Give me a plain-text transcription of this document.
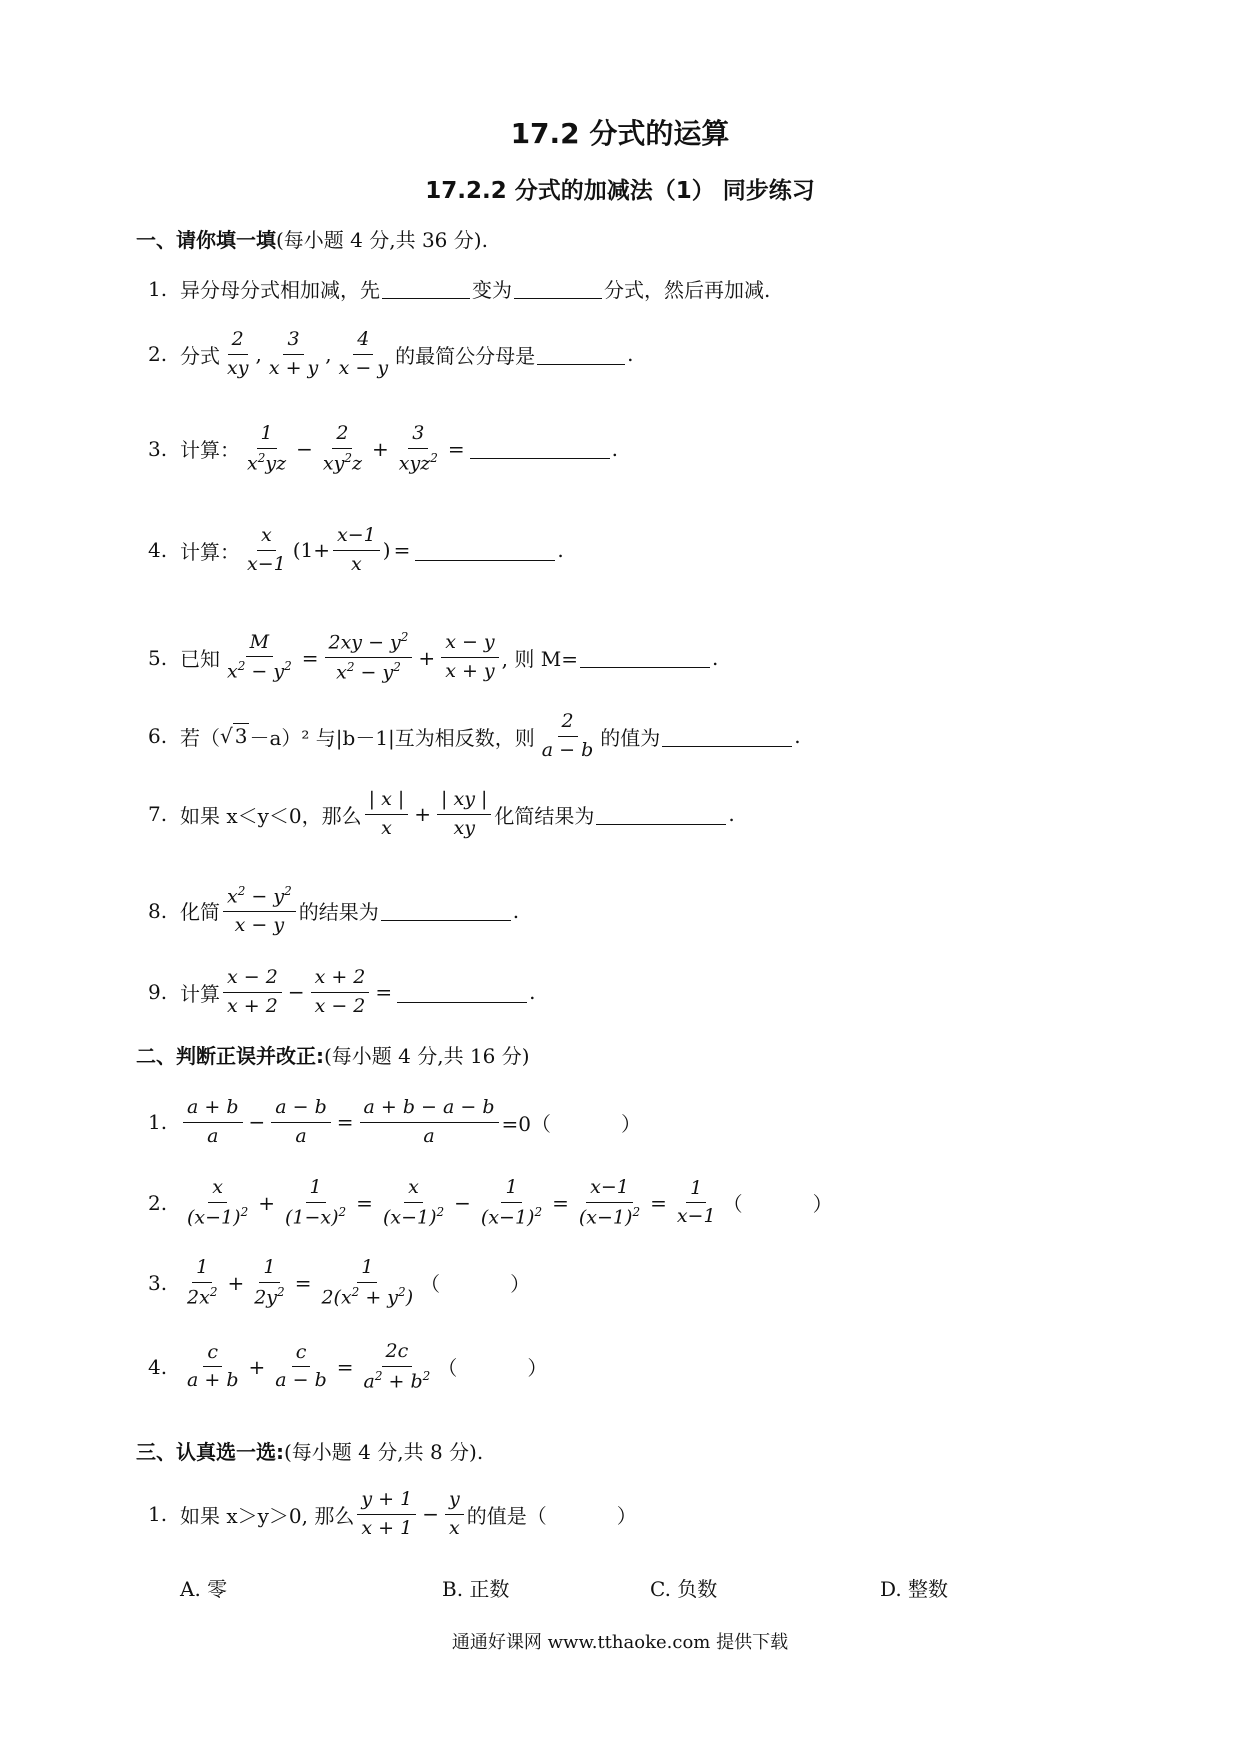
17.2 分式的运算
17.2.2 分式的加减法（1） 同步练习
一、请你填一填(每小题 4 分,共 36 分).
1. 异分母分式相加减，先	变为	分式，然后再加减.
2. 分式 $\frac{2}{xy}$ , $\frac{3}{x + y}$ , $\frac{4}{x - y}$ 的最简公分母是	.
3. 计算： $\frac{1}{x^2yz} - \frac{2}{xy^2z} + \frac{3}{xyz^2}$ =	.
4. 计算： $\frac{x}{x-1} (1+ \frac{x-1}{x}$ ) =	.
5. 已知 $\frac{M}{x^2 - y^2} = \frac{2xy - y^2}{x^2 - y^2} + \frac{x - y}{x + y}$ , 则 M=	.
6. 若（ √ 3 －a）² 与|b－1|互为相反数，则 $\frac{2}{a - b}$ 的值为	.
7. 如果 x＜y＜0，那么 $\frac{| x |}{x} + \frac{| xy |}{xy}$ 化简结果为	.
8. 化简 $\frac{x^2 - y^2}{x - y}$ 的结果为	.
9. 计算 $\frac{x - 2}{x + 2} - \frac{x + 2}{x - 2}$ =	.
二、判断正误并改正:(每小题 4 分,共 16 分)
1. $\frac{a + b}{a} - \frac{a - b}{a} = \frac{a + b - a - b}{a} =0$（	）
2. $\frac{x}{(x-1)^2} + \frac{1}{(1-x)^2} = \frac{x}{(x-1)^2} - \frac{1}{(x-1)^2} = \frac{x-1}{(x-1)^2} = \frac{1}{x-1}$ （	）
3. $\frac{1}{2x^2} + \frac{1}{2y^2} = \frac{1}{2(x^2 + y^2)}$ （	）
4. $\frac{c}{a + b} + \frac{c}{a - b} = \frac{2c}{a^2 + b^2}$ （	）
三、认真选一选:(每小题 4 分,共 8 分).
1. 如果 x＞y＞0, 那么 $\frac{y + 1}{x + 1} - \frac{y}{x}$ 的值是（	）
A. 零	B. 正数	C. 负数	D. 整数
通通好课网 www.tthaoke.com 提供下载
